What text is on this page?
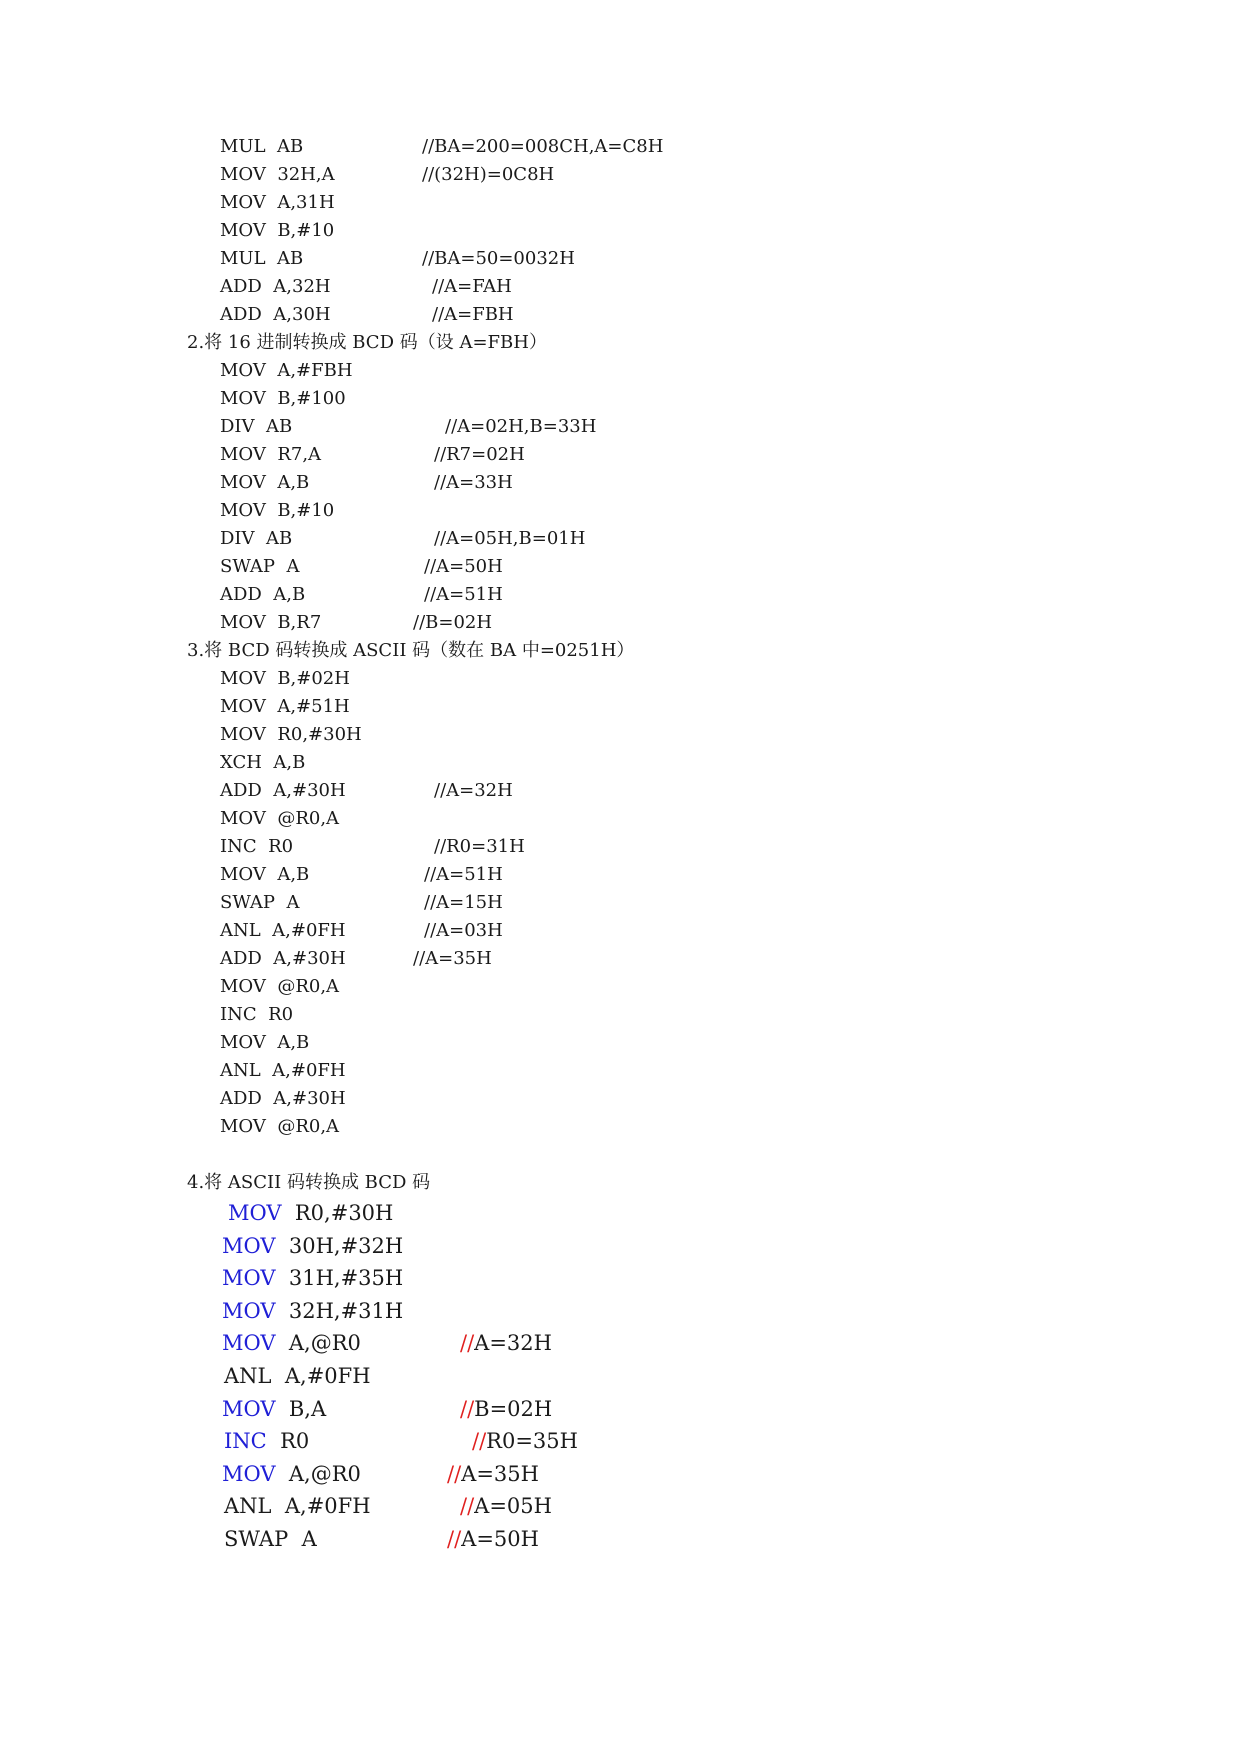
MUL  AB	//BA=200=008CH,A=C8H
MOV  32H,A	//(32H)=0C8H
MOV  A,31H
MOV  B,#10
MUL  AB	//BA=50=0032H
ADD  A,32H	//A=FAH
ADD  A,30H	//A=FBH
2.将 16 进制转换成 BCD 码（设 A=FBH）
MOV  A,#FBH
MOV  B,#100
DIV  AB	//A=02H,B=33H
MOV  R7,A	//R7=02H
MOV  A,B	//A=33H
MOV  B,#10
DIV  AB	//A=05H,B=01H
SWAP  A	//A=50H
ADD  A,B	//A=51H
MOV  B,R7	//B=02H
3.将 BCD 码转换成 ASCII 码（数在 BA 中=0251H）
MOV  B,#02H
MOV  A,#51H
MOV  R0,#30H
XCH  A,B
ADD  A,#30H	//A=32H
MOV  @R0,A
INC  R0	//R0=31H
MOV  A,B	//A=51H
SWAP  A	//A=15H
ANL  A,#0FH	//A=03H
ADD  A,#30H	//A=35H
MOV  @R0,A
INC  R0
MOV  A,B
ANL  A,#0FH
ADD  A,#30H
MOV  @R0,A
4.将 ASCII 码转换成 BCD 码
MOV R0,#30H
MOV 30H,#32H
MOV 31H,#35H
MOV 32H,#31H
MOV A,@R0	//A=32H
ANL A,#0FH
MOV B,A	//B=02H
INC R0	//R0=35H
MOV A,@R0	//A=35H
ANL A,#0FH	//A=05H
SWAP A	//A=50H
